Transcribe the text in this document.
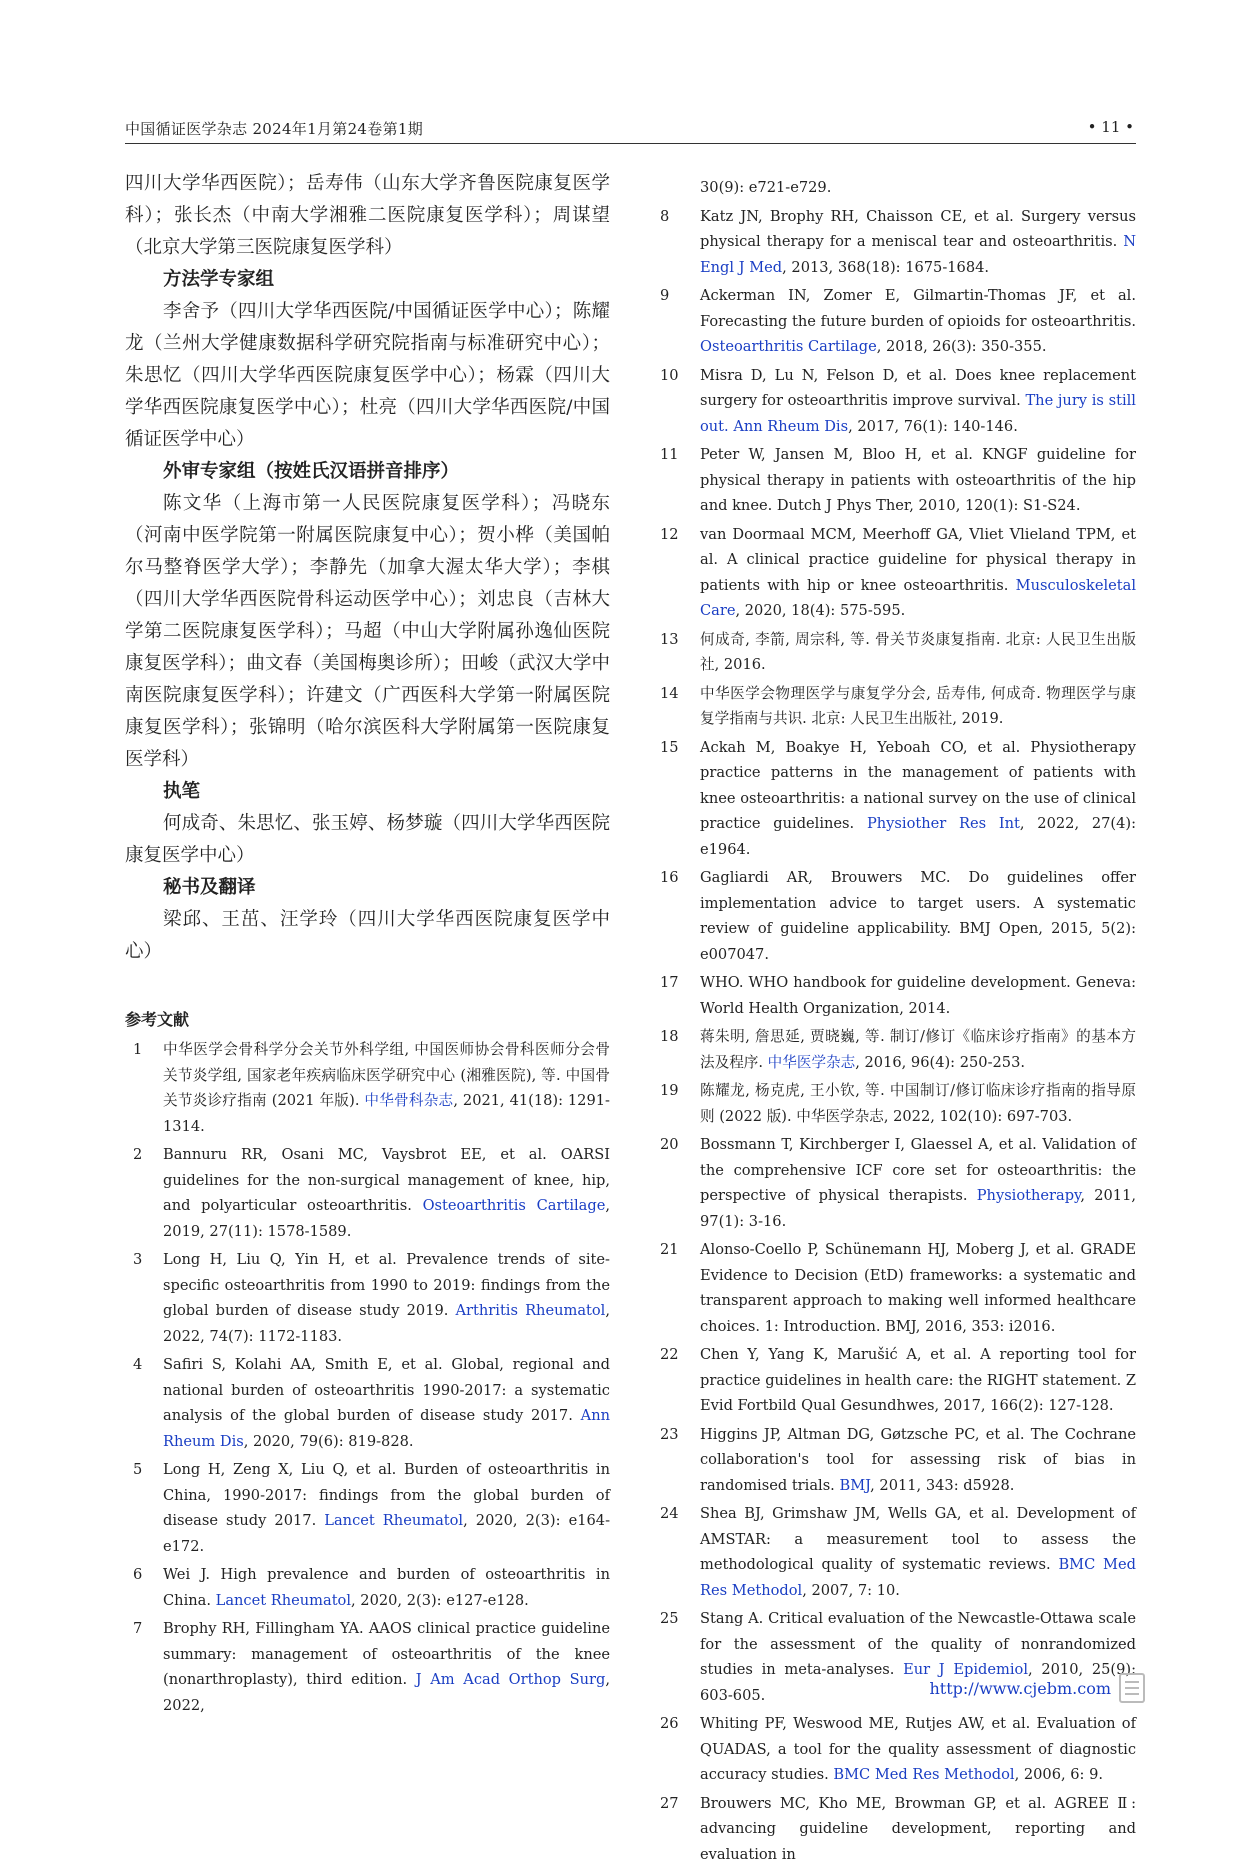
中国循证医学杂志 2024年1月第24卷第1期	• 11 •
四川大学华西医院）；岳寿伟（山东大学齐鲁医院康复医学科）；张长杰（中南大学湘雅二医院康复医学科）；周谋望（北京大学第三医院康复医学科）
方法学专家组
李舍予（四川大学华西医院/中国循证医学中心）；陈耀龙（兰州大学健康数据科学研究院指南与标准研究中心）；朱思忆（四川大学华西医院康复医学中心）；杨霖（四川大学华西医院康复医学中心）；杜亮（四川大学华西医院/中国循证医学中心）
外审专家组（按姓氏汉语拼音排序）
陈文华（上海市第一人民医院康复医学科）；冯晓东（河南中医学院第一附属医院康复中心）；贺小桦（美国帕尔马整脊医学大学）；李静先（加拿大渥太华大学）；李棋（四川大学华西医院骨科运动医学中心）；刘忠良（吉林大学第二医院康复医学科）；马超（中山大学附属孙逸仙医院康复医学科）；曲文春（美国梅奥诊所）；田峻（武汉大学中南医院康复医学科）；许建文（广西医科大学第一附属医院康复医学科）；张锦明（哈尔滨医科大学附属第一医院康复医学科）
执笔
何成奇、朱思忆、张玉婷、杨梦璇（四川大学华西医院康复医学中心）
秘书及翻译
梁邱、王茁、汪学玲（四川大学华西医院康复医学中心）
参考文献
1	中华医学会骨科学分会关节外科学组, 中国医师协会骨科医师分会骨关节炎学组, 国家老年疾病临床医学研究中心 (湘雅医院), 等. 中国骨关节炎诊疗指南 (2021 年版). 中华骨科杂志, 2021, 41(18): 1291-1314.
2	Bannuru RR, Osani MC, Vaysbrot EE, et al. OARSI guidelines for the non-surgical management of knee, hip, and polyarticular osteoarthritis. Osteoarthritis Cartilage, 2019, 27(11): 1578-1589.
3	Long H, Liu Q, Yin H, et al. Prevalence trends of site-specific osteoarthritis from 1990 to 2019: findings from the global burden of disease study 2019. Arthritis Rheumatol, 2022, 74(7): 1172-1183.
4	Safiri S, Kolahi AA, Smith E, et al. Global, regional and national burden of osteoarthritis 1990-2017: a systematic analysis of the global burden of disease study 2017. Ann Rheum Dis, 2020, 79(6): 819-828.
5	Long H, Zeng X, Liu Q, et al. Burden of osteoarthritis in China, 1990-2017: findings from the global burden of disease study 2017. Lancet Rheumatol, 2020, 2(3): e164-e172.
6	Wei J. High prevalence and burden of osteoarthritis in China. Lancet Rheumatol, 2020, 2(3): e127-e128.
7	Brophy RH, Fillingham YA. AAOS clinical practice guideline summary: management of osteoarthritis of the knee (nonarthroplasty), third edition. J Am Acad Orthop Surg, 2022,
30(9): e721-e729.
8	Katz JN, Brophy RH, Chaisson CE, et al. Surgery versus physical therapy for a meniscal tear and osteoarthritis. N Engl J Med, 2013, 368(18): 1675-1684.
9	Ackerman IN, Zomer E, Gilmartin-Thomas JF, et al. Forecasting the future burden of opioids for osteoarthritis. Osteoarthritis Cartilage, 2018, 26(3): 350-355.
10	Misra D, Lu N, Felson D, et al. Does knee replacement surgery for osteoarthritis improve survival. The jury is still out. Ann Rheum Dis, 2017, 76(1): 140-146.
11	Peter W, Jansen M, Bloo H, et al. KNGF guideline for physical therapy in patients with osteoarthritis of the hip and knee. Dutch J Phys Ther, 2010, 120(1): S1-S24.
12	van Doormaal MCM, Meerhoff GA, Vliet Vlieland TPM, et al. A clinical practice guideline for physical therapy in patients with hip or knee osteoarthritis. Musculoskeletal Care, 2020, 18(4): 575-595.
13	何成奇, 李箭, 周宗科, 等. 骨关节炎康复指南. 北京: 人民卫生出版社, 2016.
14	中华医学会物理医学与康复学分会, 岳寿伟, 何成奇. 物理医学与康复学指南与共识. 北京: 人民卫生出版社, 2019.
15	Ackah M, Boakye H, Yeboah CO, et al. Physiotherapy practice patterns in the management of patients with knee osteoarthritis: a national survey on the use of clinical practice guidelines. Physiother Res Int, 2022, 27(4): e1964.
16	Gagliardi AR, Brouwers MC. Do guidelines offer implementation advice to target users. A systematic review of guideline applicability. BMJ Open, 2015, 5(2): e007047.
17	WHO. WHO handbook for guideline development. Geneva: World Health Organization, 2014.
18	蒋朱明, 詹思延, 贾晓巍, 等. 制订/修订《临床诊疗指南》的基本方法及程序. 中华医学杂志, 2016, 96(4): 250-253.
19	陈耀龙, 杨克虎, 王小钦, 等. 中国制订/修订临床诊疗指南的指导原则 (2022 版). 中华医学杂志, 2022, 102(10): 697-703.
20	Bossmann T, Kirchberger I, Glaessel A, et al. Validation of the comprehensive ICF core set for osteoarthritis: the perspective of physical therapists. Physiotherapy, 2011, 97(1): 3-16.
21	Alonso-Coello P, Schünemann HJ, Moberg J, et al. GRADE Evidence to Decision (EtD) frameworks: a systematic and transparent approach to making well informed healthcare choices. 1: Introduction. BMJ, 2016, 353: i2016.
22	Chen Y, Yang K, Marušić A, et al. A reporting tool for practice guidelines in health care: the RIGHT statement. Z Evid Fortbild Qual Gesundhwes, 2017, 166(2): 127-128.
23	Higgins JP, Altman DG, Gøtzsche PC, et al. The Cochrane collaboration's tool for assessing risk of bias in randomised trials. BMJ, 2011, 343: d5928.
24	Shea BJ, Grimshaw JM, Wells GA, et al. Development of AMSTAR: a measurement tool to assess the methodological quality of systematic reviews. BMC Med Res Methodol, 2007, 7: 10.
25	Stang A. Critical evaluation of the Newcastle-Ottawa scale for the assessment of the quality of nonrandomized studies in meta-analyses. Eur J Epidemiol, 2010, 25(9): 603-605.
26	Whiting PF, Weswood ME, Rutjes AW, et al. Evaluation of QUADAS, a tool for the quality assessment of diagnostic accuracy studies. BMC Med Res Methodol, 2006, 6: 9.
27	Brouwers MC, Kho ME, Browman GP, et al. AGREE Ⅱ: advancing guideline development, reporting and evaluation in
http://www.cjebm.com
